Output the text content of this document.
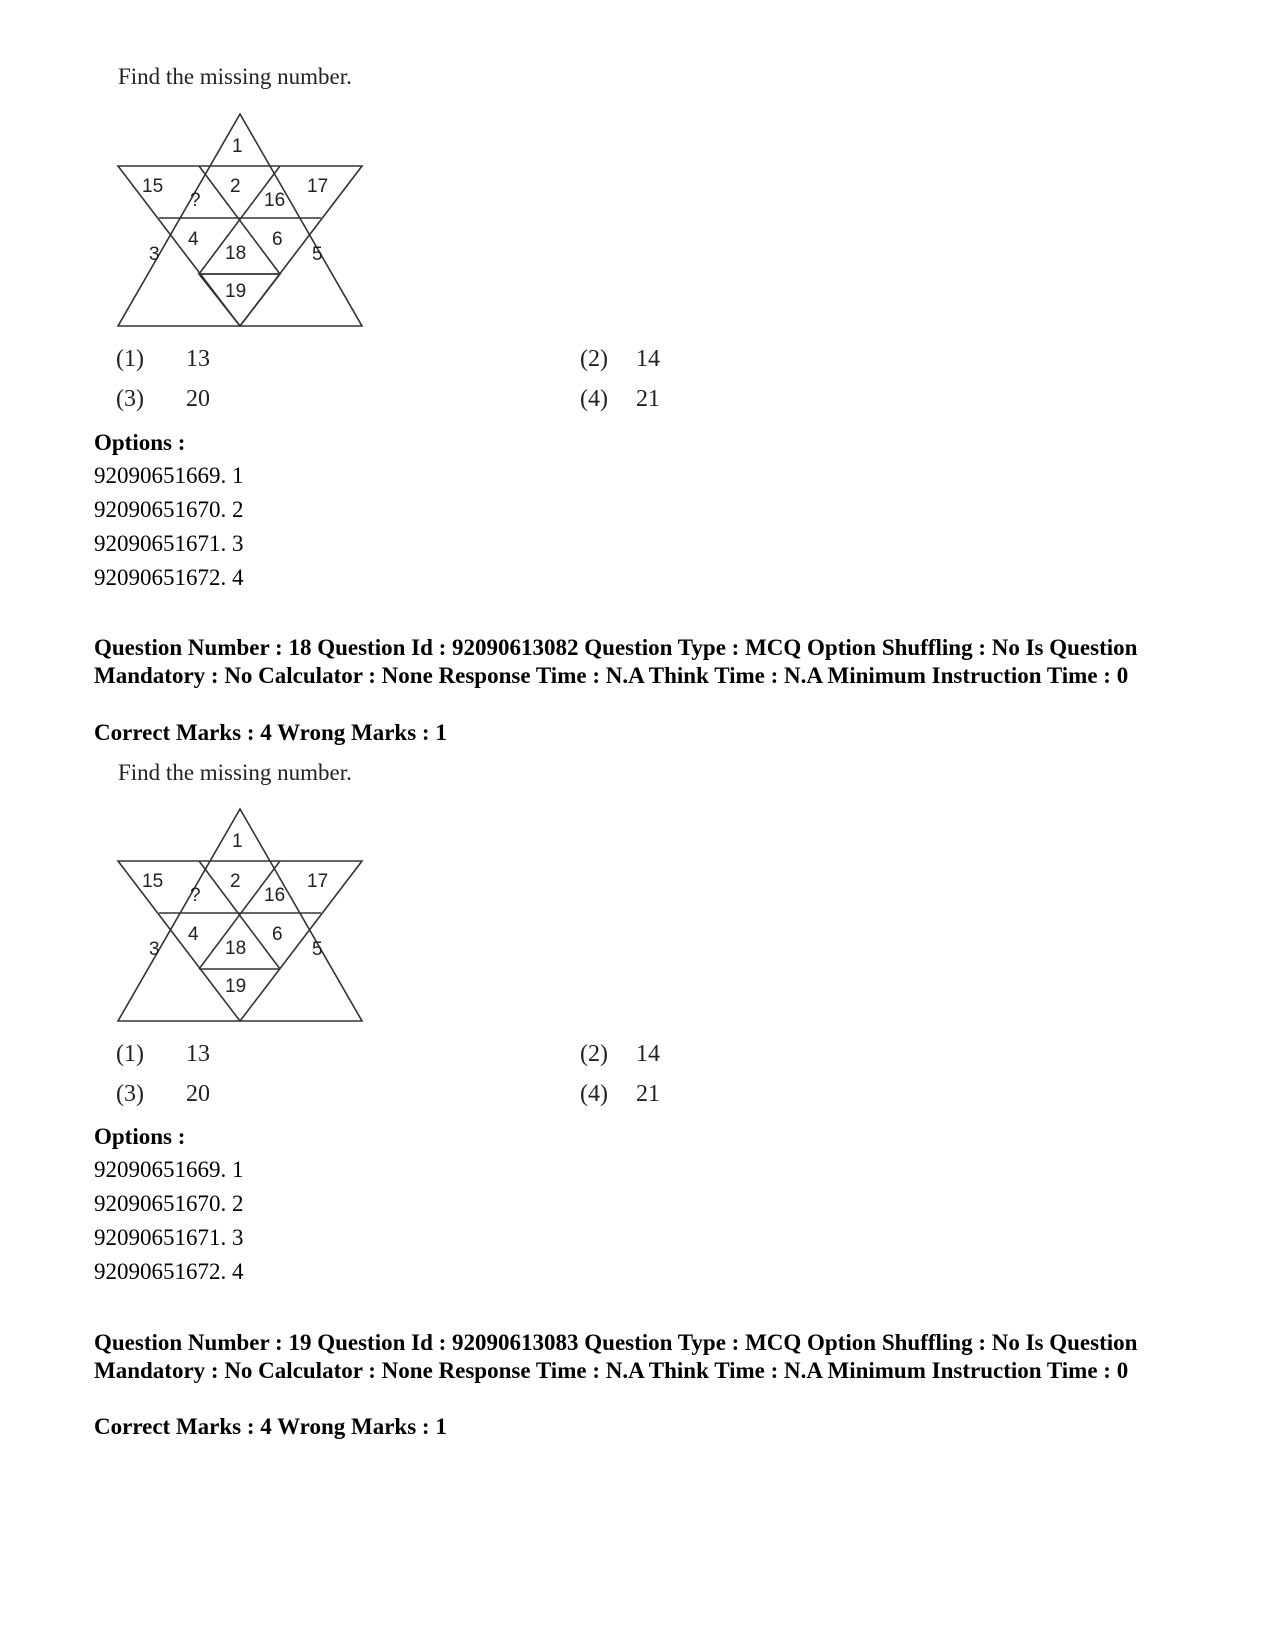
Find the missing number.
1
15
?
2
16
17
3
4
18
6
5
19
(1) 13	(2) 14
(3) 20	(4) 21
Options :
92090651669. 1
92090651670. 2
92090651671. 3
92090651672. 4
Question Number : 18 Question Id : 92090613082 Question Type : MCQ Option Shuffling : No Is Question Mandatory : No Calculator : None Response Time : N.A Think Time : N.A Minimum Instruction Time : 0
Correct Marks : 4 Wrong Marks : 1
Find the missing number.
1
15
?
2
16
17
3
4
18
6
5
19
(1) 13	(2) 14
(3) 20	(4) 21
Options :
92090651669. 1
92090651670. 2
92090651671. 3
92090651672. 4
Question Number : 19 Question Id : 92090613083 Question Type : MCQ Option Shuffling : No Is Question Mandatory : No Calculator : None Response Time : N.A Think Time : N.A Minimum Instruction Time : 0
Correct Marks : 4 Wrong Marks : 1
